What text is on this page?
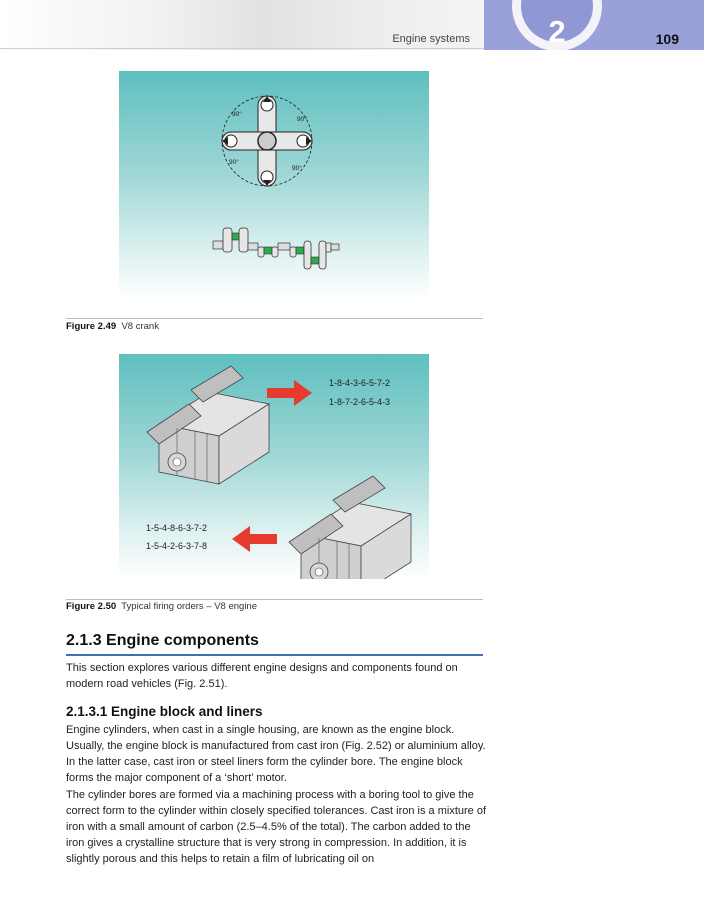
Engine systems	2	109
90°
90°
90°
90°
Figure 2.49 V8 crank
1-8-4-3-6-5-7-2
1-8-7-2-6-5-4-3
1-5-4-8-6-3-7-2
1-5-4-2-6-3-7-8
Figure 2.50 Typical firing orders – V8 engine
2.1.3 Engine components

This section explores various different engine designs and components found on modern road vehicles (Fig. 2.51).

2.1.3.1 Engine block and liners

Engine cylinders, when cast in a single housing, are known as the engine block. Usually, the engine block is manufactured from cast iron (Fig. 2.52) or aluminium alloy. In the latter case, cast iron or steel liners form the cylinder bore. The engine block forms the major component of a ‘short’ motor.

The cylinder bores are formed via a machining process with a boring tool to give the correct form to the cylinder within closely specified tolerances. Cast iron is a mixture of iron with a small amount of carbon (2.5–4.5% of the total). The carbon added to the iron gives a crystalline structure that is very strong in compression. In addition, it is slightly porous and this helps to retain a film of lubricating oil on
